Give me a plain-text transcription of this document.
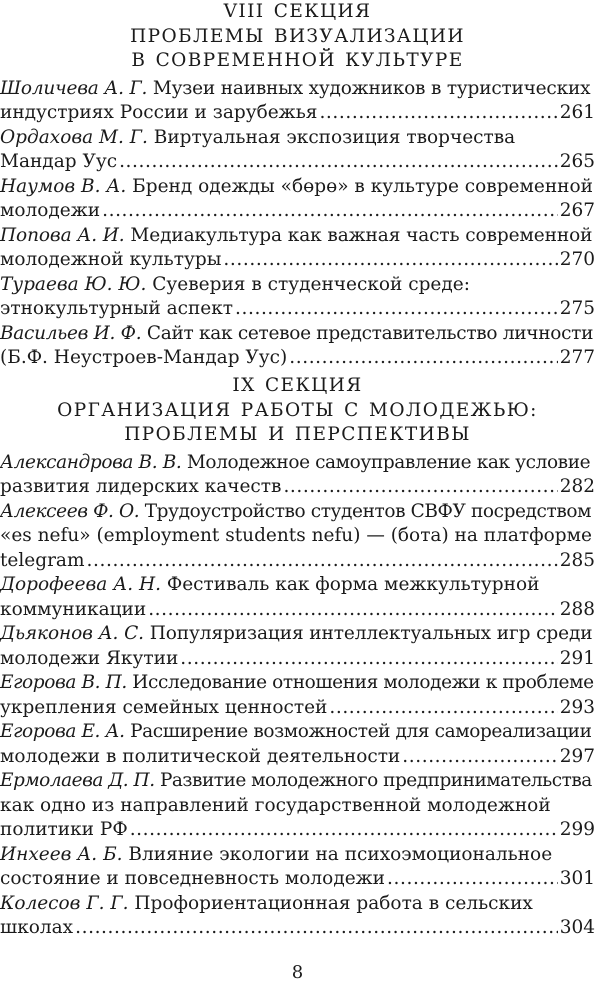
VIII СЕКЦИЯ
ПРОБЛЕМЫ ВИЗУАЛИЗАЦИИ
В СОВРЕМЕННОЙ КУЛЬТУРЕ
Шоличева А. Г. Музеи наивных художников в туристических
индустриях России и зарубежья .....	261
Ордахова М. Г. Виртуальная экспозиция творчества
Мандар Уус .....	265
Наумов В. А. Бренд одежды «бөрө» в культуре современной
молодежи .....	267
Попова А. И. Медиакультура как важная часть современной
молодежной культуры .....	270
Тураева Ю. Ю. Суеверия в студенческой среде:
этнокультурный аспект .....	275
Васильев И. Ф. Сайт как сетевое представительство личности
(Б.Ф. Неустроев-Мандар Уус) .....	277
IX СЕКЦИЯ
ОРГАНИЗАЦИЯ РАБОТЫ С МОЛОДЕЖЬЮ:
ПРОБЛЕМЫ И ПЕРСПЕКТИВЫ
Александрова В. В. Молодежное самоуправление как условие
развития лидерских качеств .....	282
Алексеев Ф. О. Трудоустройство студентов СВФУ посредством
«es nefu» (employment students nefu) — (бота) на платформе
telegram .....	285
Дорофеева А. Н. Фестиваль как форма межкультурной
коммуникации .....	288
Дьяконов А. С. Популяризация интеллектуальных игр среди
молодежи Якутии .....	291
Егорова В. П. Исследование отношения молодежи к проблеме
укрепления семейных ценностей .....	293
Егорова Е. А. Расширение возможностей для самореализации
молодежи в политической деятельности .....	297
Ермолаева Д. П. Развитие молодежного предпринимательства
как одно из направлений государственной молодежной
политики РФ .....	299
Инхеев А. Б. Влияние экологии на психоэмоциональное
состояние и повседневность молодежи .....	301
Колесов Г. Г. Профориентационная работа в сельских
школах .....	304
8
